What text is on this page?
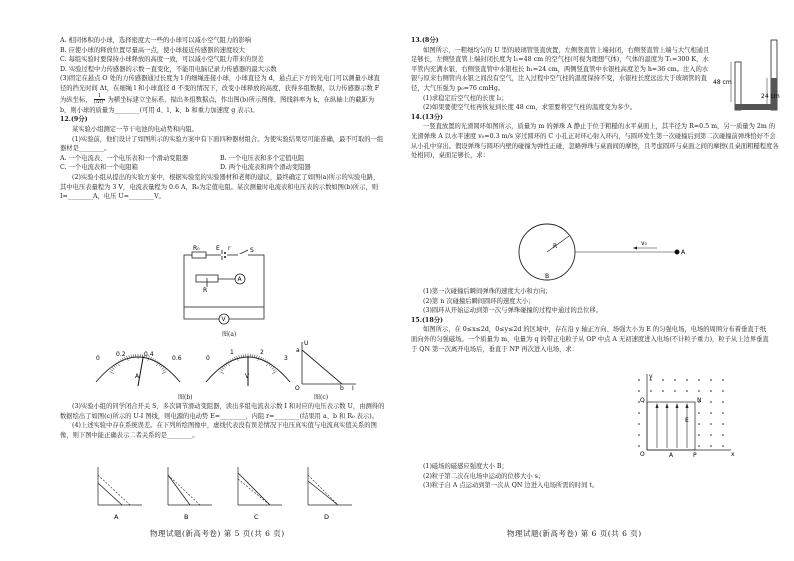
A. 相同体积的小球，选择密度大一些的小球可以减小空气阻力的影响

B. 应使小球的释放位置尽量高一点，使小球接近传感器的速度较大

C. 每组实验时要保持小球释放的高度一致，可以减小空气阻力带来的误差

D. 实验过程中力传感器的示数一直变化，不能用电脑记录力传感器的最大示数

(3)固定在悬点 O 处的力传感器通过长度为 l 的细绳连接小球，小球直径为 d，悬点正下方的光电门可以测量小球直径的挡光时间 Δt，在细绳 l 和小球直径 d 不变的情况下，改变小球释放的高度，获得多组数据，以力传感器示数 F 为纵坐标， $\frac{1}{\text{(Δt)²}}$ 为横坐标建立坐标系，描出多组数据点，作出图(b)所示图像，图线斜率为 k，在纵轴上的截距为 b，则小球的质量为________(可用 d、l、k、b 和重力加速度 g 表示)。

12.(9分)

某实验小组测定一节干电池的电动势和内阻。

(1)实验前，他们设计了如图所示的实验方案中有下面四种器材组合。为使实验结果尽可能准确，最不可取的一组器材是________。

A. 一个电流表、一个电压表和一个滑动变阻器	B. 一个电压表和多个定值电阻
C. 一个电流表和一个电阻箱	D. 两个电流表和两个滑动变阻器

(2)实验小组从提出的实验方案中，根据实验室的实验器材和老师的建议，最终确定了如图(a)所示的实验电路，其中电压表量程为 3 V，电流表量程为 0.6 A，R₀为定值电阻。某次测量时电流表和电压表的示数如图(b)所示，则 I=________A，电压 U=________V。

R₀	E r	S
R
A
V
图(a)
0
0.2	0.4
0.6
A
0
1	2
3
V
图(b)
U
I
a
b
O
图(c)

(3)实验小组的同学闭合开关 S，多次调节滑动变阻器，读出多组电流表示数 I 和对应的电压表示数 U，由测得的数据绘出了如图(c)所示的 U-I 图线，则电源的电动势 E=________，内阻 r=________(结果用 a、b 和 R₀ 表示)。

(4)上述实验中存在系统误差。在下列所绘图像中，虚线代表没有误差情况下电压真实值与电流真实值关系的图像，则下图中能正确表示二者关系的是________。

A	B	C	D
物理试题(新高考卷) 第 5 页(共 6 页)

13.(8分)

如图所示，一粗细均匀的 U 型的玻璃管竖直放置，左侧竖直管上端封闭，右侧竖直管上端与大气相通且足够长，左侧竖直管上端封闭长度为 l₁=48 cm 的空气柱(可视为理想气体)，气体的温度为 T₁=300 K，水平管内充满水银，右侧竖直管中水银柱长 h₁=24 cm，两侧竖直管中水银柱高度差为 h=36 cm。注入的水银与原来右侧管内水银之间没有空气，注入过程中空气柱的温度保持不变，水银柱长度远远大于玻璃管的直径，大气压强为 p₀=76 cmHg。

(1)求稳定后空气柱的长度 l₂；

(2)如果要使空气柱再恢复到长度 48 cm，求需要将空气柱的温度变为多少。

48 cm
24 cm

14.(13分)

一竖直放置的光滑圆环如图所示，质量为 m 的弹珠 A 静止于位于粗糙的水平桌面上，其半径为 R=0.5 m，另一质量为 2m 的光滑弹珠 A 以水平速度 v₀=0.3 m/s 穿过圆环的 C 小孔正对环心射入环内，与圆环发生第一次碰撞后到第二次碰撞前弹珠恰好不会从小孔中穿出。假设弹珠与圆环内壁的碰撞为弹性正碰，忽略弹珠与桌面间的摩擦，且考虑圆环与桌面之间的摩擦(且桌面粗糙程度各处相同)，桌面足够长，求：

R
A
B
v₀

(1)第一次碰撞后瞬间弹珠的速度大小和方向；

(2)第 n 次碰撞后瞬间圆环的速度大小；

(3)圆环从开始运动到第一次与弹珠碰撞的过程中通过的总位移。

15.(18分)

如图所示，在 0≤x≤2d，0≤y≤2d 的区域中，存在沿 y 轴正方向、场强大小为 E 的匀强电场，电场的周围分布着垂直于纸面向外的匀强磁场。一个质量为 m，电量为 q 的带正电粒子从 OP 中点 A 无初速度进入电场(不计粒子重力)，粒子从上边界垂直于 QN 第一次离开电场后，垂直于 NP 再次进入电场，求：

y
x
O	A	P
Q	N
E

(1)磁场的磁感应强度大小 B；

(2)粒子第二次在电场中运动的位移大小 s；

(3)粒子自 A 点运动到第一次从 QN 边进入电场所需的时间 t。

物理试题(新高考卷) 第 6 页(共 6 页)
